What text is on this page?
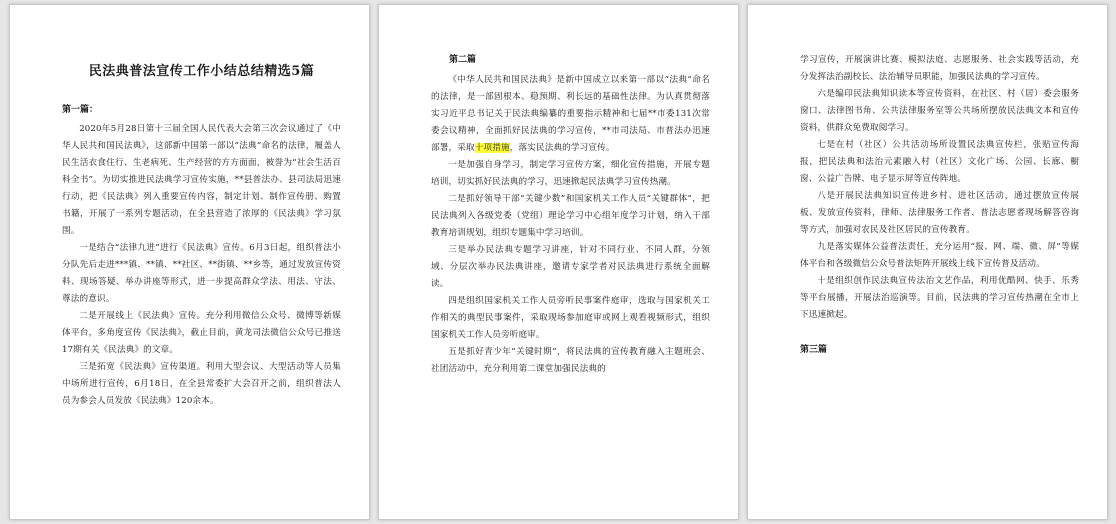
民法典普法宣传工作小结总结精选5篇

第一篇：

2020年5月28日第十三届全国人民代表大会第三次会议通过了《中华人民共和国民法典》，这部新中国第一部以“法典”命名的法律，履盖人民生活衣食住行、生老病死、生产经营的方方面面，被誉为“社会生活百科全书”。为切实推进民法典学习宣传实施，**县普法办、县司法局迅速行动，把《民法典》列入重要宣传内容，制定计划、制作宣传册、购置书籍，开展了一系列专题活动，在全县营造了浓厚的《民法典》学习氛围。

一是结合“法律九进”进行《民法典》宣传。6月3日起，组织普法小分队先后走进***镇、**镇、**社区、**街镇、**乡等，通过发放宣传资料、现场答疑、举办讲座等形式，进一步提高群众学法、用法、守法、尊法的意识。

二是开展线上《民法典》宣传。充分利用微信公众号、微博等新媒体平台，多角度宣传《民法典》，截止目前，黄龙司法微信公众号已推送17期有关《民法典》的文章。

三是拓宽《民法典》宣传渠道。利用大型会议、大型活动等人员集中场所进行宣传，6月18日，在全县常委扩大会召开之前，组织普法人员为参会人员发放《民法典》120余本。

第二篇

《中华人民共和国民法典》是新中国成立以来第一部以“法典”命名的法律，是一部固根本、稳预期、利长远的基础性法律。为认真贯彻落实习近平总书记关于民法典编纂的重要指示精神和七届**市委131次常委会议精神，全面抓好民法典的学习宣传，**市司法局、市普法办迅速部署，采取十项措施，落实民法典的学习宣传。

一是加强自身学习，制定学习宣传方案，细化宣传措施，开展专题培训，切实抓好民法典的学习，迅速掀起民法典学习宣传热潮。

二是抓好领导干部“关键少数”和国家机关工作人员“关键群体”，把民法典列入各级党委（党组）理论学习中心组年度学习计划，纳入干部教育培训规划，组织专题集中学习培训。

三是举办民法典专题学习讲座，针对不同行业、不同人群，分领域、分层次举办民法典讲座，邀请专家学者对民法典进行系统全面解读。

四是组织国家机关工作人员旁听民事案件庭审，选取与国家机关工作相关的典型民事案件，采取现场参加庭审或网上观看视频形式，组织国家机关工作人员旁听庭审。

五是抓好青少年“关键时期”，将民法典的宣传教育融入主题班会、社团活动中，充分利用第二课堂加强民法典的

学习宣传，开展演讲比赛、模拟法庭、志愿服务、社会实践等活动，充分发挥法治副校长、法治辅导员职能，加强民法典的学习宣传。

六是编印民法典知识读本等宣传资料，在社区、村（居）委会服务窗口、法律图书角、公共法律服务室等公共场所摆放民法典文本和宣传资料，供群众免费取阅学习。

七是在村（社区）公共活动场所设置民法典宣传栏，张贴宣传海报，把民法典和法治元素融入村（社区）文化广场、公园、长廊、橱窗、公益广告牌、电子显示屏等宣传阵地。

八是开展民法典知识宣传进乡村、进社区活动，通过摆放宣传展板、发放宣传资料，律师、法律服务工作者、普法志愿者现场解答咨询等方式，加强对农民及社区居民的宣传教育。

九是落实媒体公益普法责任，充分运用“报、网、端、微、屏”等媒体平台和各级微信公众号普法矩阵开展线上线下宣传普及活动。

十是组织创作民法典宣传法治文艺作品，利用优酷网、快手、乐秀等平台展播，开展法治巡演等。目前，民法典的学习宣传热潮在全市上下迅速掀起。

第三篇
